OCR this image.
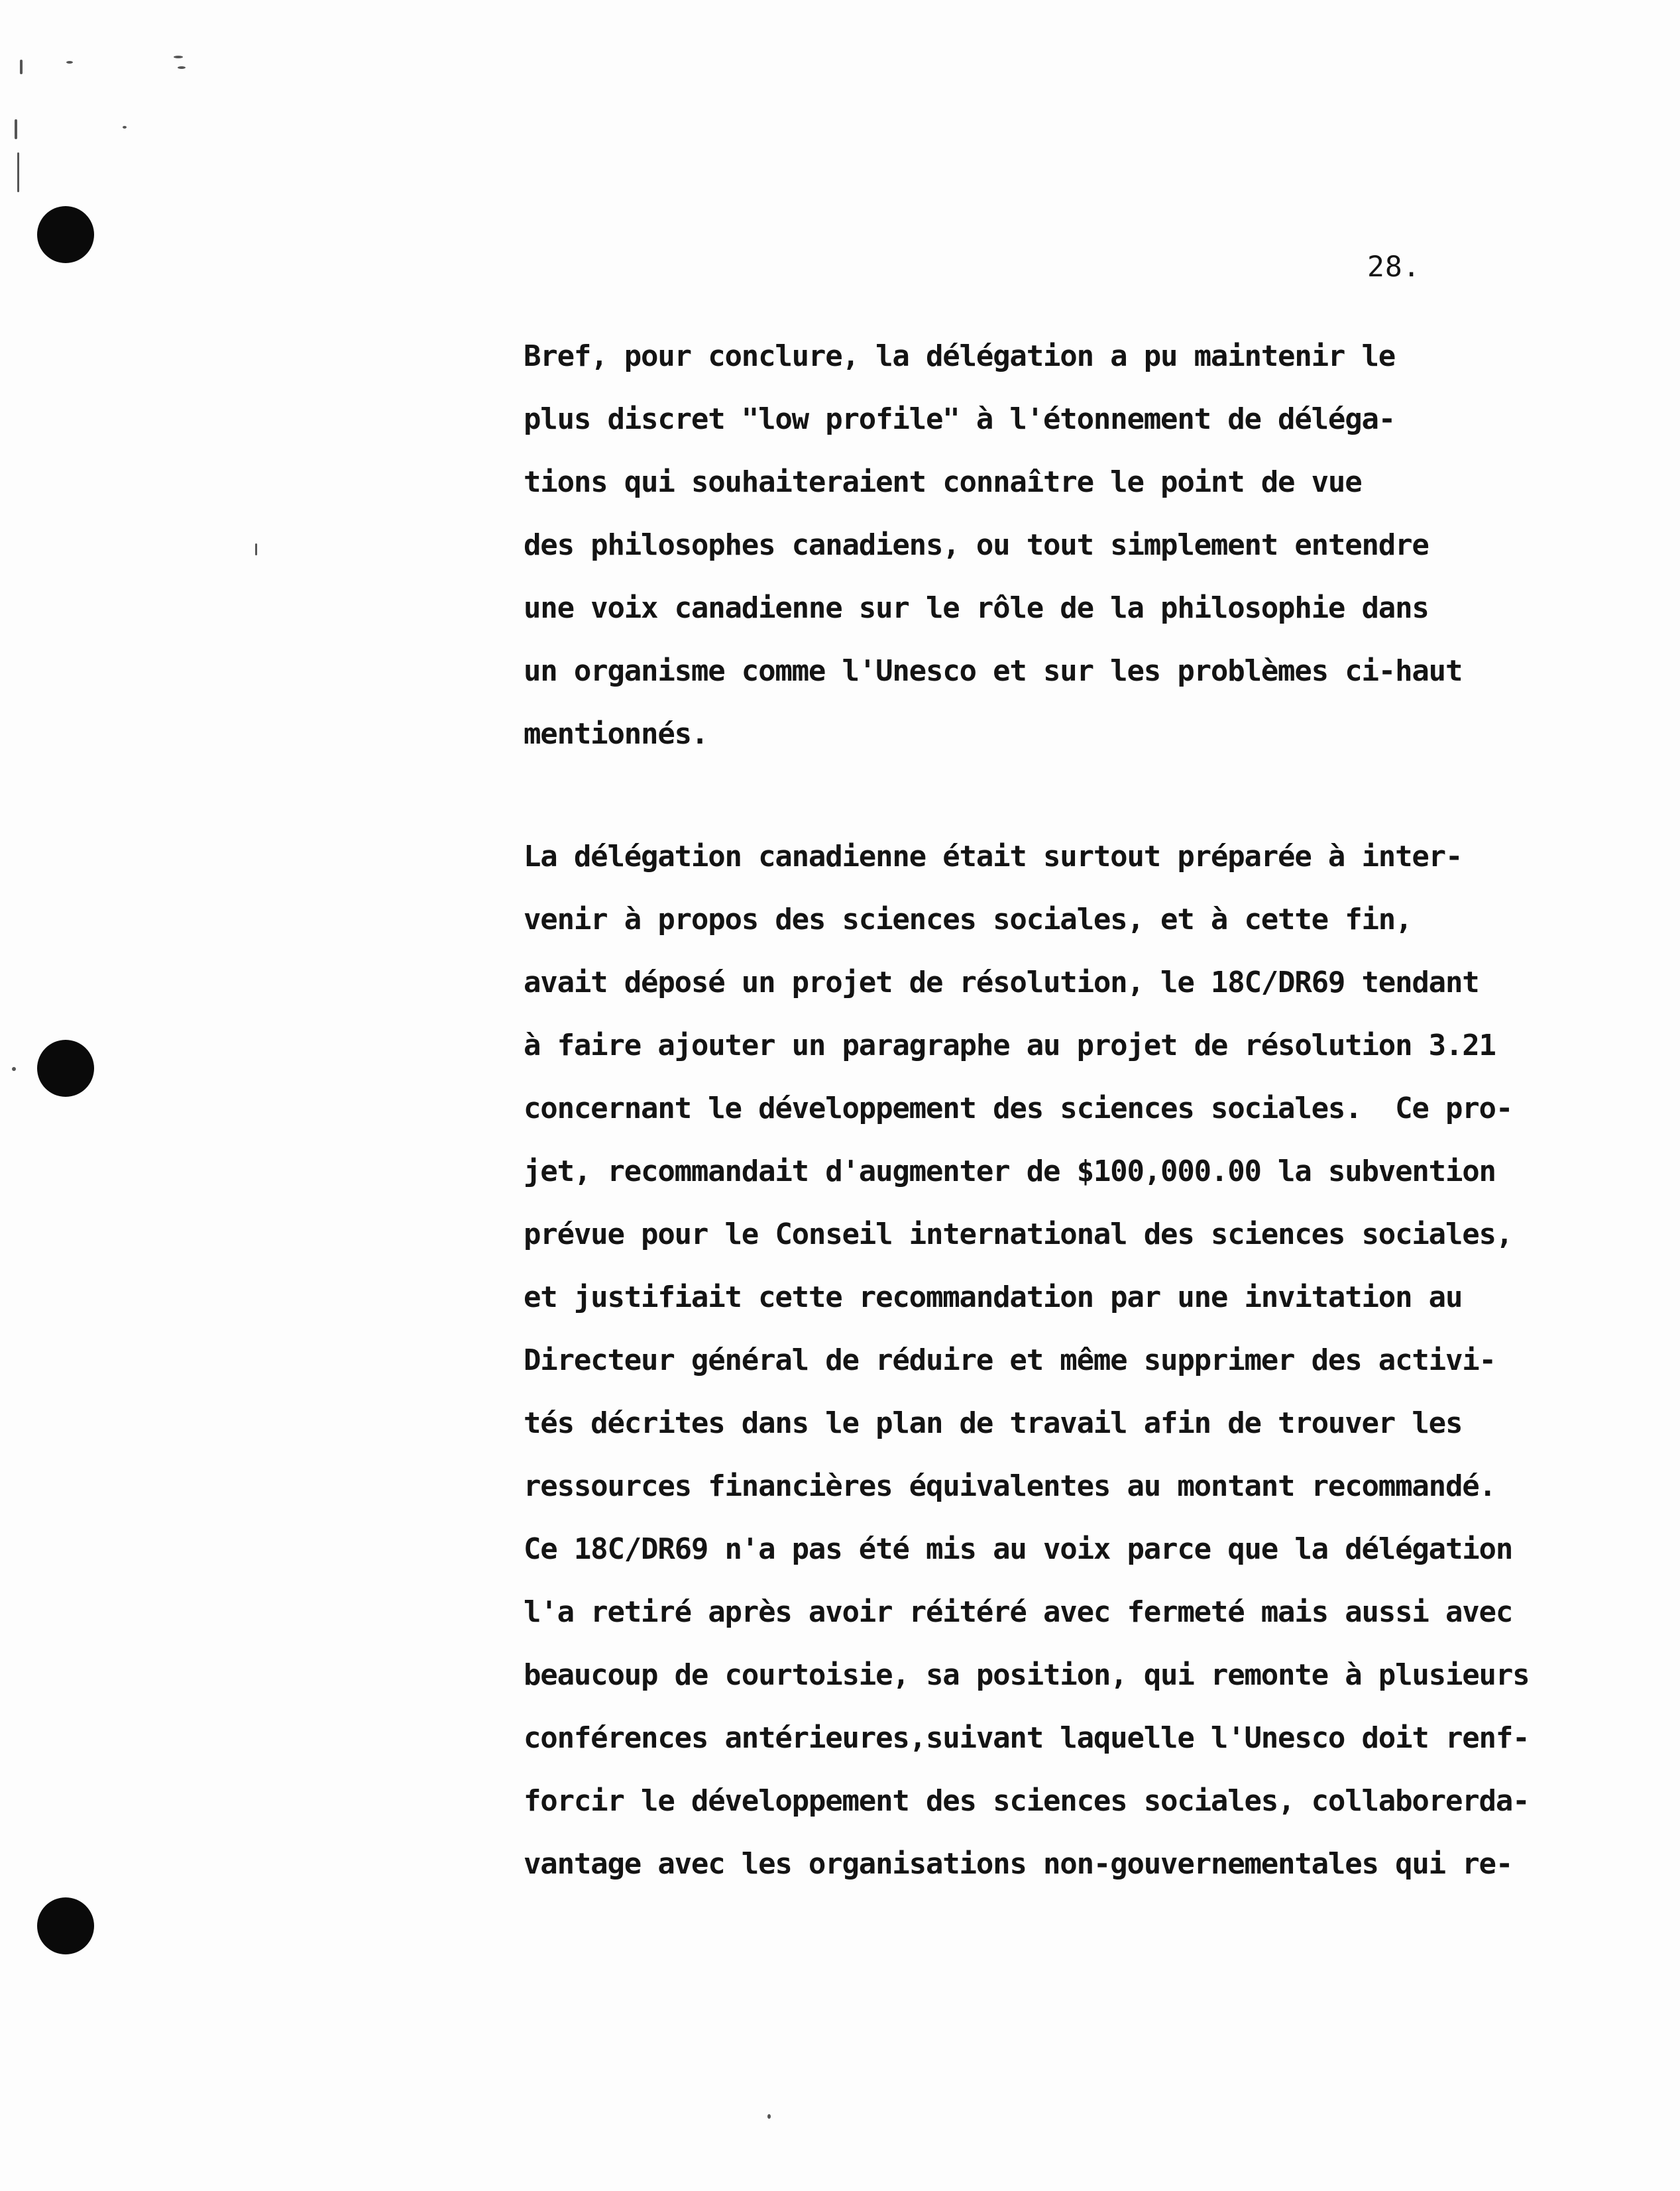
28.
Bref, pour conclure, la délégation a pu maintenir le
plus discret "low profile" à l'étonnement de déléga-
tions qui souhaiteraient connaître le point de vue
des philosophes canadiens, ou tout simplement entendre
une voix canadienne sur le rôle de la philosophie dans
un organisme comme l'Unesco et sur les problèmes ci-haut
mentionnés.
La délégation canadienne était surtout préparée à inter-
venir à propos des sciences sociales, et à cette fin,
avait déposé un projet de résolution, le 18C/DR69 tendant
à faire ajouter un paragraphe au projet de résolution 3.21
concernant le développement des sciences sociales.  Ce pro-
jet, recommandait d'augmenter de $100,000.00 la subvention
prévue pour le Conseil international des sciences sociales,
et justifiait cette recommandation par une invitation au
Directeur général de réduire et même supprimer des activi-
tés décrites dans le plan de travail afin de trouver les
ressources financières équivalentes au montant recommandé.
Ce 18C/DR69 n'a pas été mis au voix parce que la délégation
l'a retiré après avoir réitéré avec fermeté mais aussi avec
beaucoup de courtoisie, sa position, qui remonte à plusieurs
conférences antérieures,suivant laquelle l'Unesco doit renf-
forcir le développement des sciences sociales, collaborerda-
vantage avec les organisations non-gouvernementales qui re-
